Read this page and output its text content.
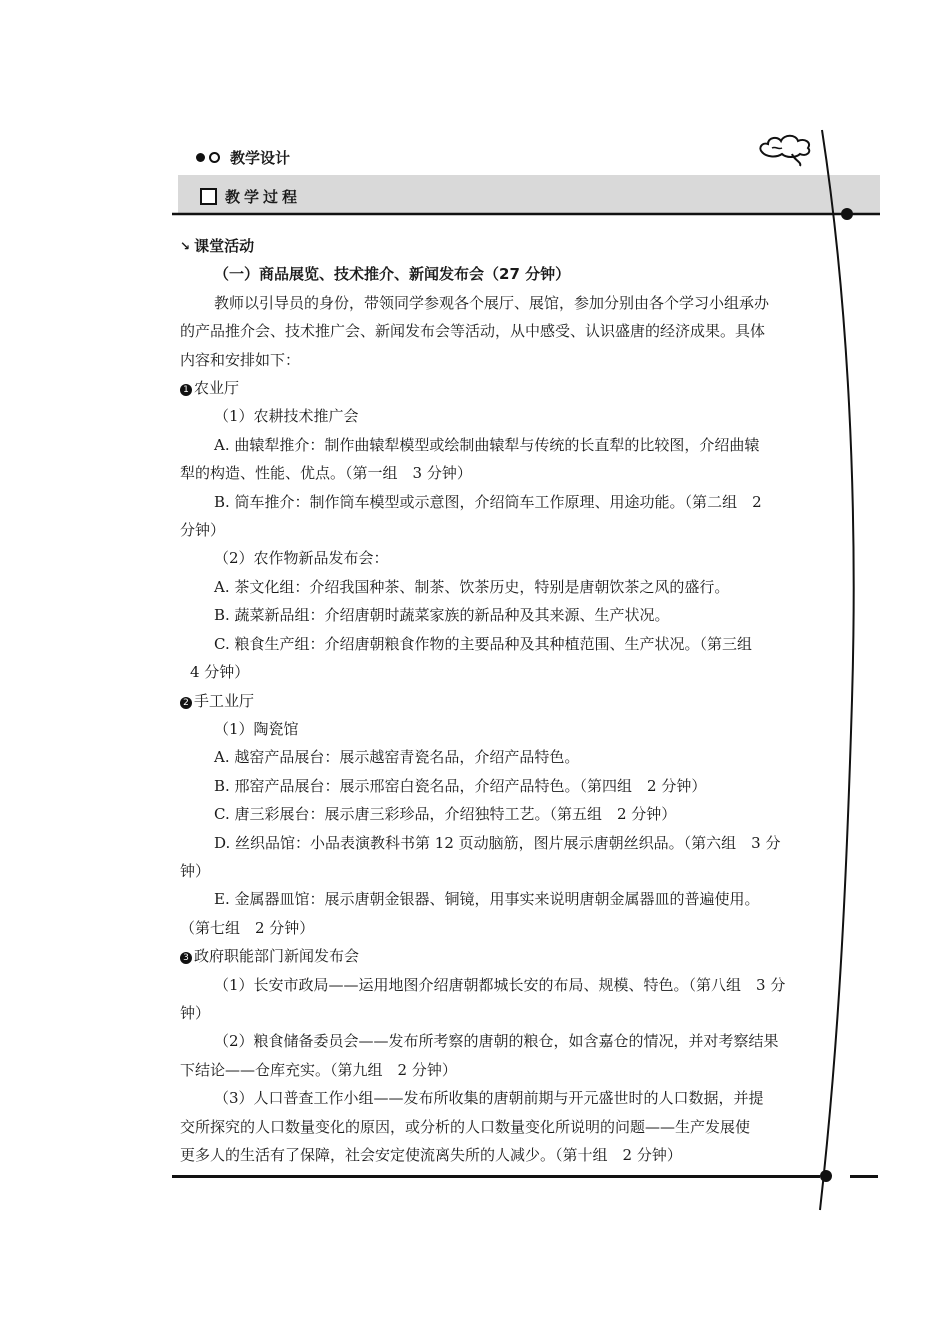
教学设计
教学过程
↘ 课堂活动
（一）商品展览、技术推介、新闻发布会（27 分钟）
教师以引导员的身份，带领同学参观各个展厅、展馆，参加分别由各个学习小组承办
的产品推介会、技术推广会、新闻发布会等活动，从中感受、认识盛唐的经济成果。具体
内容和安排如下：
1 农业厅
（1）农耕技术推广会
A. 曲辕犁推介：制作曲辕犁模型或绘制曲辕犁与传统的长直犁的比较图，介绍曲辕
犁的构造、性能、优点。（第一组　3 分钟）
B. 筒车推介：制作筒车模型或示意图，介绍筒车工作原理、用途功能。（第二组　2
分钟）
（2）农作物新品发布会：
A. 茶文化组：介绍我国种茶、制茶、饮茶历史，特别是唐朝饮茶之风的盛行。
B. 蔬菜新品组：介绍唐朝时蔬菜家族的新品种及其来源、生产状况。
C. 粮食生产组：介绍唐朝粮食作物的主要品种及其种植范围、生产状况。（第三组
4 分钟）
2 手工业厅
（1）陶瓷馆
A. 越窑产品展台：展示越窑青瓷名品，介绍产品特色。
B. 邢窑产品展台：展示邢窑白瓷名品，介绍产品特色。（第四组　2 分钟）
C. 唐三彩展台：展示唐三彩珍品，介绍独特工艺。（第五组　2 分钟）
D. 丝织品馆：小品表演教科书第 12 页动脑筋，图片展示唐朝丝织品。（第六组　3 分
钟）
E. 金属器皿馆：展示唐朝金银器、铜镜，用事实来说明唐朝金属器皿的普遍使用。
（第七组　2 分钟）
3 政府职能部门新闻发布会
（1）长安市政局——运用地图介绍唐朝都城长安的布局、规模、特色。（第八组　3 分
钟）
（2）粮食储备委员会——发布所考察的唐朝的粮仓，如含嘉仓的情况，并对考察结果
下结论——仓库充实。（第九组　2 分钟）
（3）人口普查工作小组——发布所收集的唐朝前期与开元盛世时的人口数据，并提
交所探究的人口数量变化的原因，或分析的人口数量变化所说明的问题——生产发展使
更多人的生活有了保障，社会安定使流离失所的人减少。（第十组　2 分钟）
